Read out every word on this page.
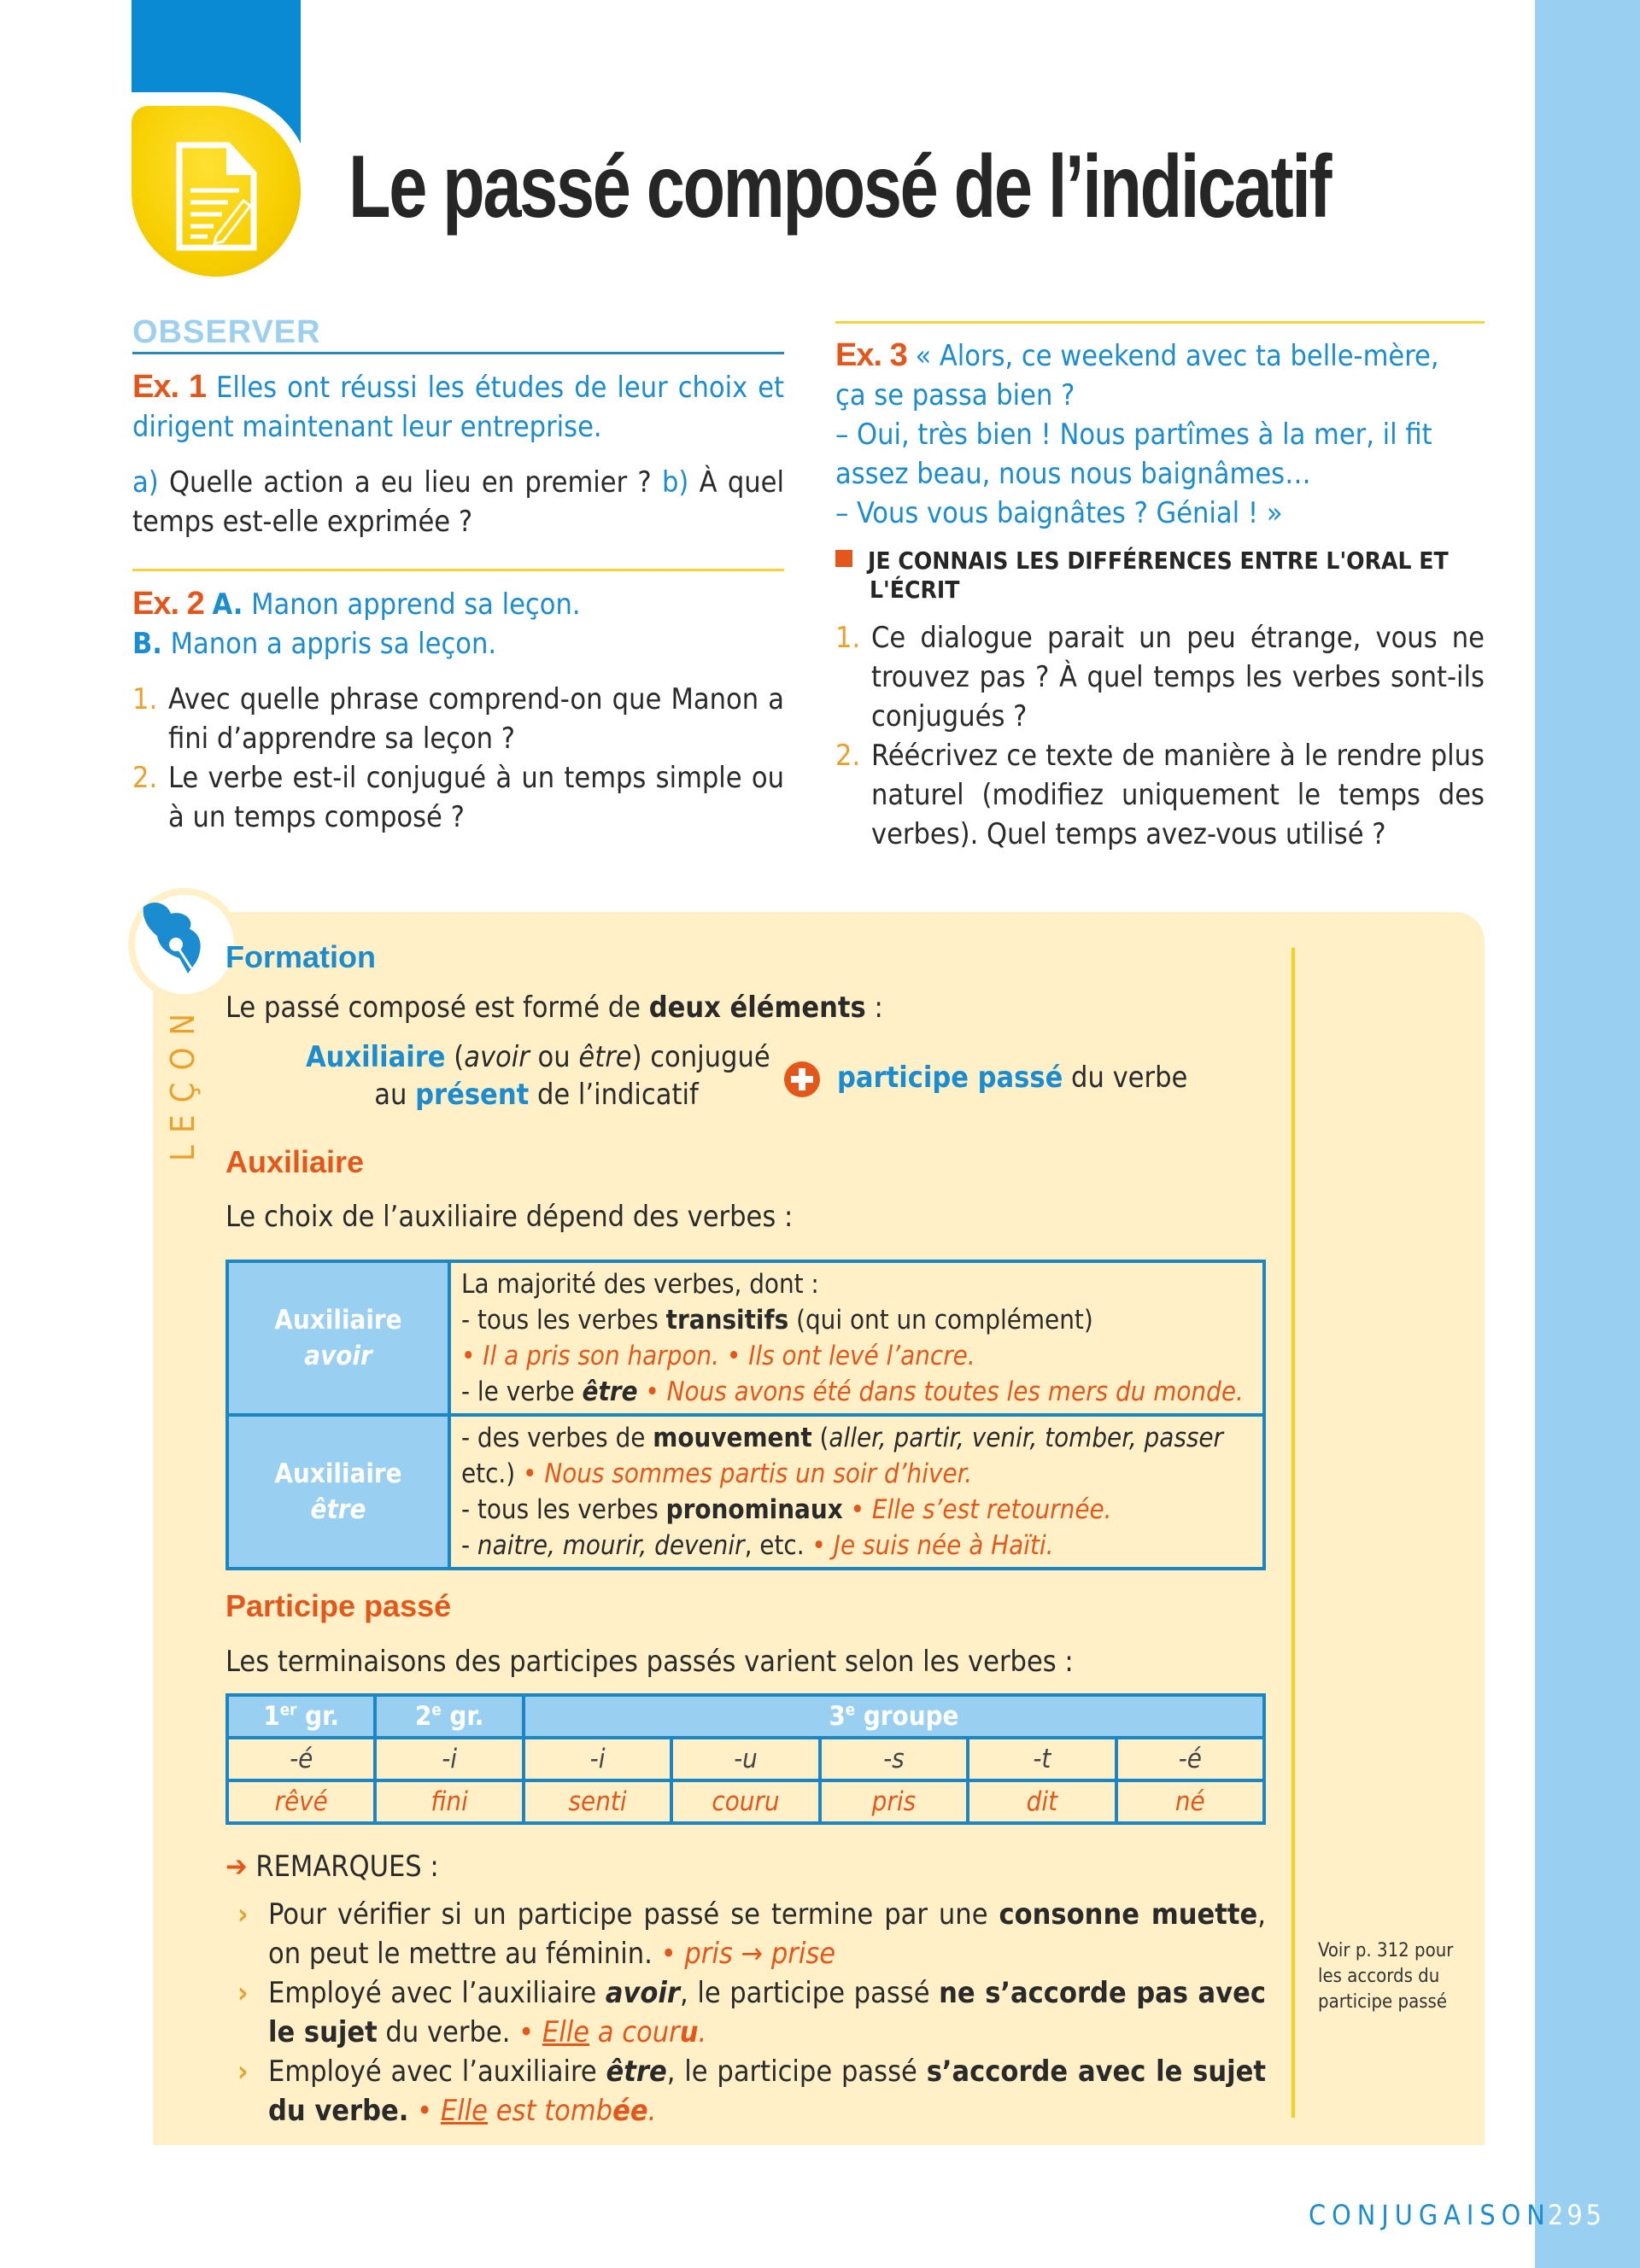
Le passé composé de l’indicatif
OBSERVER
Ex. 1 Elles ont réussi les études de leur choix et dirigent maintenant leur entreprise.
a) Quelle action a eu lieu en premier ? b) À quel temps est-elle exprimée ?
Ex. 2 A. Manon apprend sa leçon.
B. Manon a appris sa leçon.
1. Avec quelle phrase comprend-on que Manon a fini d’apprendre sa leçon ?
2. Le verbe est-il conjugué à un temps simple ou à un temps composé ?
Ex. 3 « Alors, ce weekend avec ta belle-mère, ça se passa bien ?
– Oui, très bien ! Nous partîmes à la mer, il fit assez beau, nous nous baignâmes…
– Vous vous baignâtes ? Génial ! »
JE CONNAIS LES DIFFÉRENCES ENTRE L'ORAL ET L'ÉCRIT
1. Ce dialogue parait un peu étrange, vous ne trouvez pas ? À quel temps les verbes sont-ils conjugués ?
2. Réécrivez ce texte de manière à le rendre plus naturel (modifiez uniquement le temps des verbes). Quel temps avez-vous utilisé ?
LEÇON
Voir p. 312 pour les accords du participe passé
Formation
Le passé composé est formé de deux éléments :
Auxiliaire (avoir ou être) conjugué
au présent de l’indicatif	participe passé du verbe
Auxiliaire
Le choix de l’auxiliaire dépend des verbes :
Auxiliaire
avoir	La majorité des verbes, dont :
- tous les verbes transitifs (qui ont un complément)
• Il a pris son harpon. • Ils ont levé l’ancre.
- le verbe être • Nous avons été dans toutes les mers du monde.
Auxiliaire
être	- des verbes de mouvement (aller, partir, venir, tomber, passer
etc.) • Nous sommes partis un soir d’hiver.
- tous les verbes pronominaux • Elle s’est retournée.
- naitre, mourir, devenir, etc. • Je suis née à Haïti.
Participe passé
Les terminaisons des participes passés varient selon les verbes :
1er gr.	2e gr.	3e groupe				
-é	-i	-i	-u	-s	-t	-é
rêvé	fini	senti	couru	pris	dit	né
➔ REMARQUES :
› Pour vérifier si un participe passé se termine par une consonne muette, on peut le mettre au féminin. • pris → prise
› Employé avec l’auxiliaire avoir, le participe passé ne s’accorde pas avec le sujet du verbe. • Elle a couru.
› Employé avec l’auxiliaire être, le participe passé s’accorde avec le sujet du verbe. • Elle est tombée.
CONJUGAISON
295
